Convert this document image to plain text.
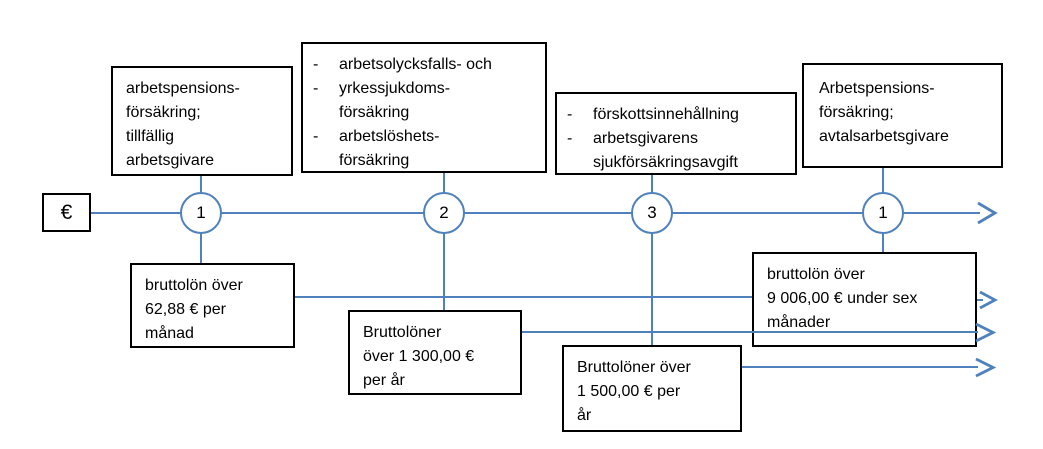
€
arbetspensions-
försäkring;
tillfällig
arbetsgivare
-	arbetsolycksfalls- och
-	yrkessjukdoms-
försäkring
-	arbetslöshets-
försäkring
-	förskottsinnehållning
-	arbetsgivarens
sjukförsäkringsavgift
Arbetspensions-
försäkring;
avtalsarbetsgivare
bruttolön över
62,88 € per
månad	Bruttolöner
över 1 300,00 €
per år
Bruttolöner över
1 500,00 € per
år
bruttolön över
9 006,00 € under sex
månader
1	2	3	1
